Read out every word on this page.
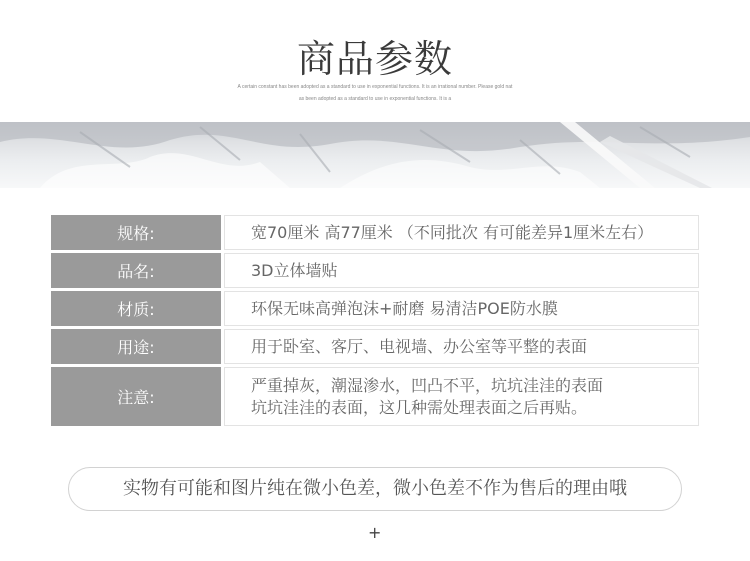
商品参数
A certain constant has been adopted as a standard to use in exponential functions. It is an irrational number. Please gold nat
as been adopted as a standard to use in exponential functions. It is a
规格:		宽70厘米 高77厘米 （不同批次 有可能差异1厘米左右）

品名:		3D立体墙贴

材质:		环保无味高弹泡沫+耐磨 易清洁POE防水膜

用途:		用于卧室、客厅、电视墙、办公室等平整的表面

注意:		严重掉灰，潮湿渗水，凹凸不平，坑坑洼洼的表面
坑坑洼洼的表面，这几种需处理表面之后再贴。
实物有可能和图片纯在微小色差，微小色差不作为售后的理由哦
+
